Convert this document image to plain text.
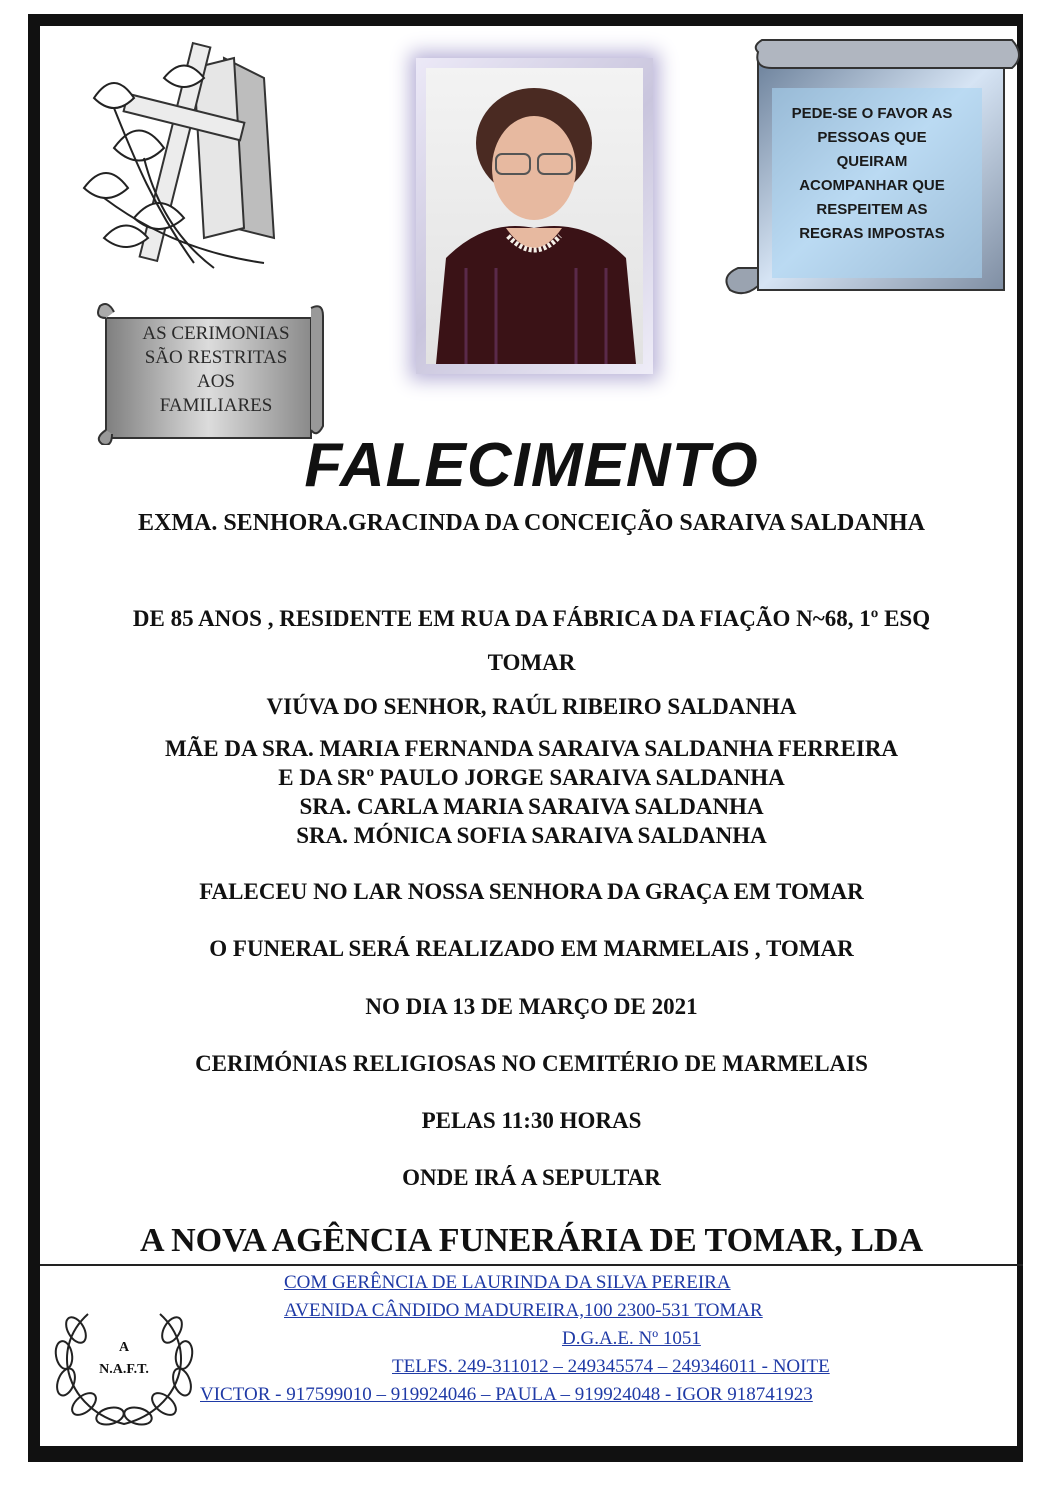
AS CERIMONIAS
SÃO RESTRITAS
AOS
FAMILIARES
PEDE-SE O FAVOR AS
PESSOAS QUE
QUEIRAM
ACOMPANHAR QUE
RESPEITEM AS
REGRAS IMPOSTAS
FALECIMENTO
EXMA. SENHORA.GRACINDA DA CONCEIÇÃO SARAIVA SALDANHA
DE 85 ANOS , RESIDENTE EM RUA DA FÁBRICA DA FIAÇÃO N~68, 1º ESQ
TOMAR
VIÚVA DO SENHOR, RAÚL RIBEIRO SALDANHA
MÃE DA SRA. MARIA FERNANDA SARAIVA SALDANHA FERREIRA
E DA SRº PAULO JORGE SARAIVA SALDANHA
SRA. CARLA MARIA SARAIVA SALDANHA
SRA. MÓNICA SOFIA SARAIVA SALDANHA
FALECEU NO LAR NOSSA SENHORA DA GRAÇA EM TOMAR
O FUNERAL SERÁ REALIZADO EM MARMELAIS , TOMAR
NO DIA 13 DE MARÇO DE 2021
CERIMÓNIAS RELIGIOSAS NO CEMITÉRIO DE MARMELAIS
PELAS 11:30 HORAS
ONDE IRÁ A SEPULTAR
A NOVA AGÊNCIA FUNERÁRIA DE TOMAR, LDA
A
N.A.F.T.
COM GERÊNCIA DE LAURINDA DA SILVA PEREIRA
AVENIDA CÂNDIDO MADUREIRA,100 2300-531 TOMAR
D.G.A.E. Nº 1051
TELFS. 249-311012 – 249345574 – 249346011 - NOITE
VICTOR - 917599010 – 919924046 – PAULA – 919924048 - IGOR 918741923
